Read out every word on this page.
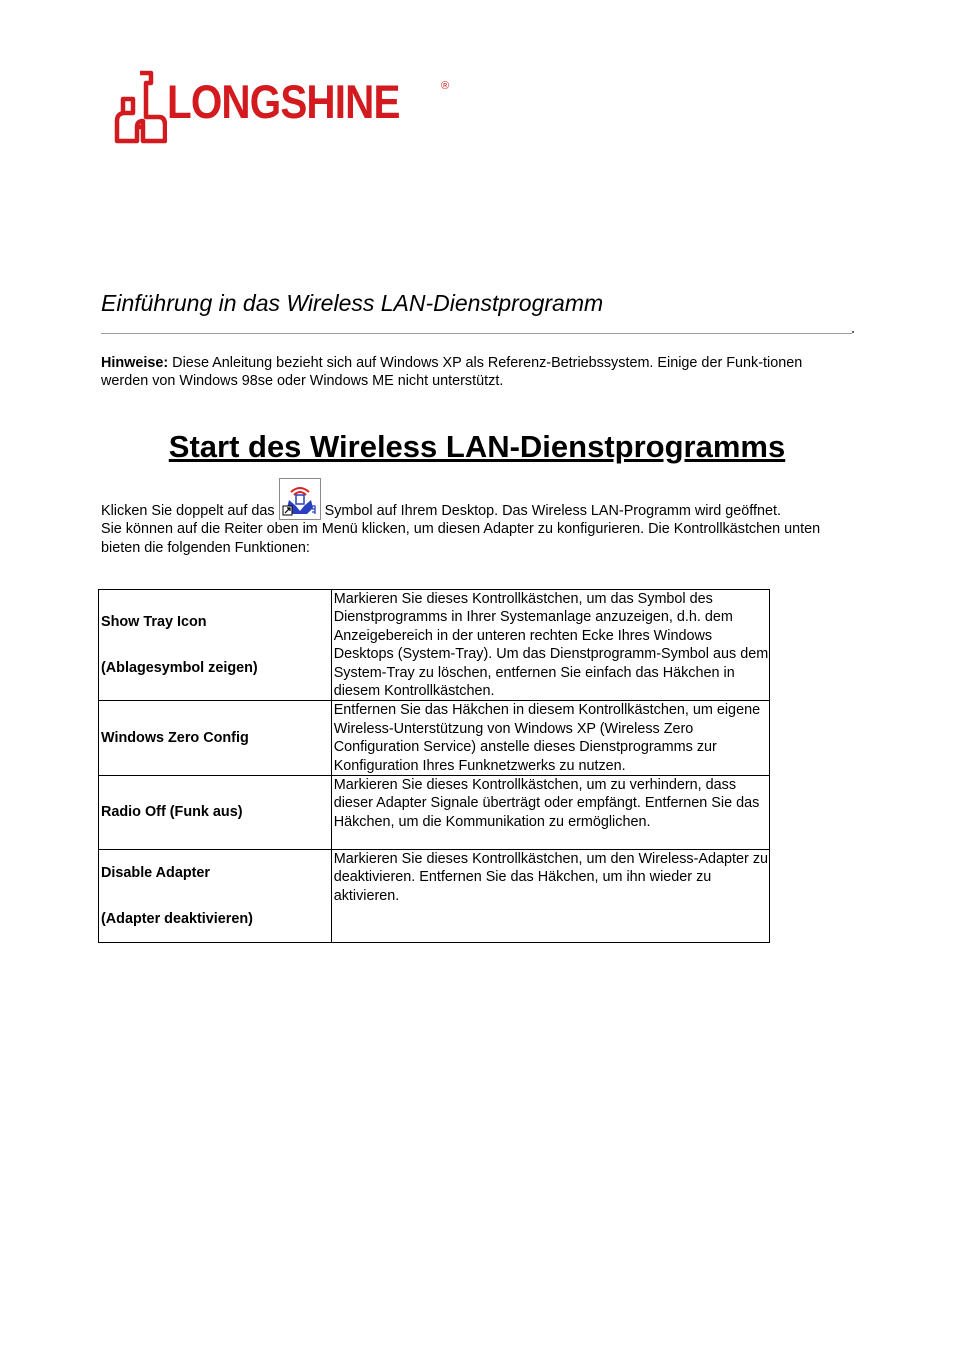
LONGSHINE	®
Einführung in das Wireless LAN-Dienstprogramm
Hinweise: Diese Anleitung bezieht sich auf Windows XP als Referenz-Betriebssystem. Einige der Funk-tionen werden von Windows 98se oder Windows ME nicht unterstützt.
Start des Wireless LAN-Dienstprogramms
Klicken Sie doppelt auf das	Symbol auf Ihrem Desktop. Das Wireless LAN-Programm wird geöffnet.
Sie können auf die Reiter oben im Menü klicken, um diesen Adapter zu konfigurieren. Die Kontrollkästchen unten bieten die folgenden Funktionen:
Show Tray Icon
(Ablagesymbol zeigen)	Markieren Sie dieses Kontrollkästchen, um das Symbol des Dienstprogramms in Ihrer Systemanlage anzuzeigen, d.h. dem Anzeigebereich in der unteren rechten Ecke Ihres Windows Desktops (System-Tray). Um das Dienstprogramm-Symbol aus dem System-Tray zu löschen, entfernen Sie einfach das Häkchen in diesem Kontrollkästchen.

Windows Zero Config	Entfernen Sie das Häkchen in diesem Kontrollkästchen, um eigene Wireless-Unterstützung von Windows XP (Wireless Zero Configuration Service) anstelle dieses Dienstprogramms zur Konfiguration Ihres Funknetzwerks zu nutzen.

Radio Off (Funk aus)	Markieren Sie dieses Kontrollkästchen, um zu verhindern, dass dieser Adapter Signale überträgt oder empfängt. Entfernen Sie das Häkchen, um die Kommunikation zu ermöglichen.

Disable Adapter
(Adapter deaktivieren)	Markieren Sie dieses Kontrollkästchen, um den Wireless-Adapter zu deaktivieren. Entfernen Sie das Häkchen, um ihn wieder zu aktivieren.
